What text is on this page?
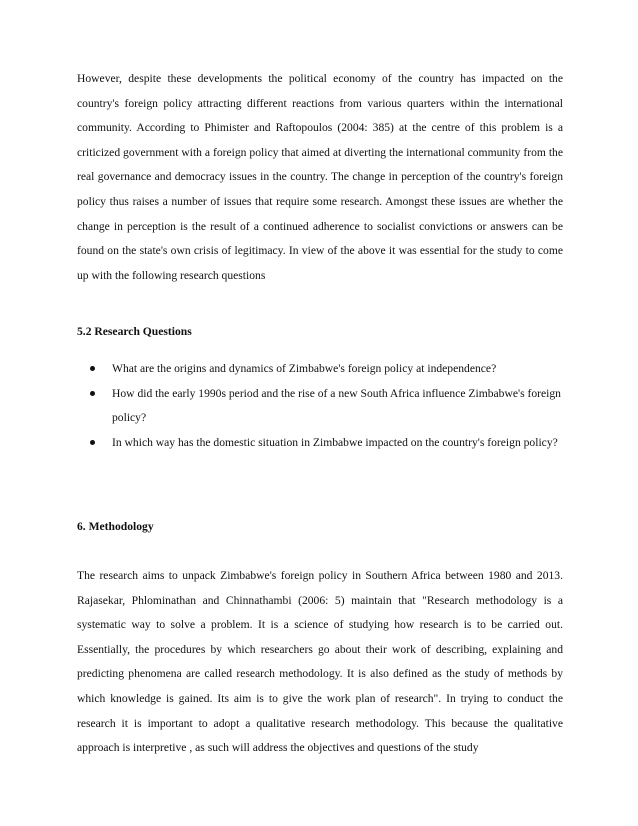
However, despite these developments the political economy of the country has impacted on the country's foreign policy attracting different reactions from various quarters within the international community. According to Phimister and Raftopoulos (2004: 385) at the centre of this problem is a criticized government with a foreign policy that aimed at diverting the international community from the real governance and democracy issues in the country. The change in perception of the country's foreign policy thus raises a number of issues that require some research. Amongst these issues are whether the change in perception is the result of a continued adherence to socialist convictions or answers can be found on the state's own crisis of legitimacy. In view of the above it was essential for the study to come up with the following research questions

5.2 Research Questions

What are the origins and dynamics of Zimbabwe's foreign policy at independence?
How did the early 1990s period and the rise of a new South Africa influence Zimbabwe's foreign policy?
In which way has the domestic situation in Zimbabwe impacted on the country's foreign policy?

6. Methodology

The research aims to unpack Zimbabwe's foreign policy in Southern Africa between 1980 and 2013. Rajasekar, Phlominathan and Chinnathambi (2006: 5) maintain that "Research methodology is a systematic way to solve a problem. It is a science of studying how research is to be carried out. Essentially, the procedures by which researchers go about their work of describing, explaining and predicting phenomena are called research methodology. It is also defined as the study of methods by which knowledge is gained. Its aim is to give the work plan of research". In trying to conduct the research it is important to adopt a qualitative research methodology. This because the qualitative approach is interpretive , as such will address the objectives and questions of the study
